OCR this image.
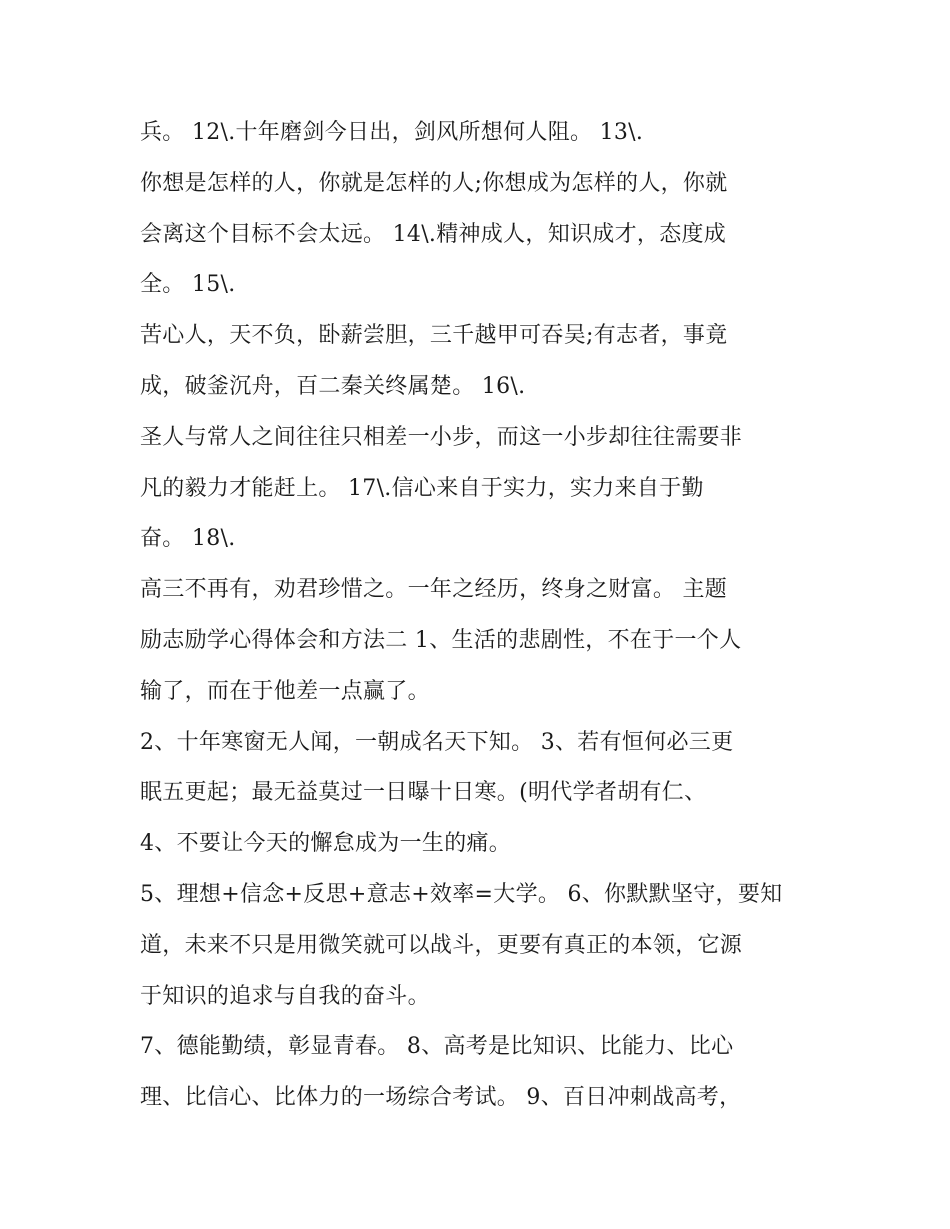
兵。 12\.十年磨剑今日出，剑风所想何人阻。 13\.
你想是怎样的人，你就是怎样的人;你想成为怎样的人，你就
会离这个目标不会太远。 14\.精神成人，知识成才，态度成
全。 15\.
苦心人，天不负，卧薪尝胆，三千越甲可吞吴;有志者，事竟
成，破釜沉舟，百二秦关终属楚。 16\.
圣人与常人之间往往只相差一小步，而这一小步却往往需要非
凡的毅力才能赶上。 17\.信心来自于实力，实力来自于勤
奋。 18\.
高三不再有，劝君珍惜之。一年之经历，终身之财富。 主题
励志励学心得体会和方法二 1、生活的悲剧性，不在于一个人
输了，而在于他差一点赢了。
2、十年寒窗无人闻，一朝成名天下知。 3、若有恒何必三更
眠五更起；最无益莫过一日曝十日寒。(明代学者胡有仁、
4、不要让今天的懈怠成为一生的痛。
5、理想+信念+反思+意志+效率=大学。 6、你默默坚守，要知
道，未来不只是用微笑就可以战斗，更要有真正的本领，它源
于知识的追求与自我的奋斗。
7、德能勤绩，彰显青春。 8、高考是比知识、比能力、比心
理、比信心、比体力的一场综合考试。 9、百日冲刺战高考，
